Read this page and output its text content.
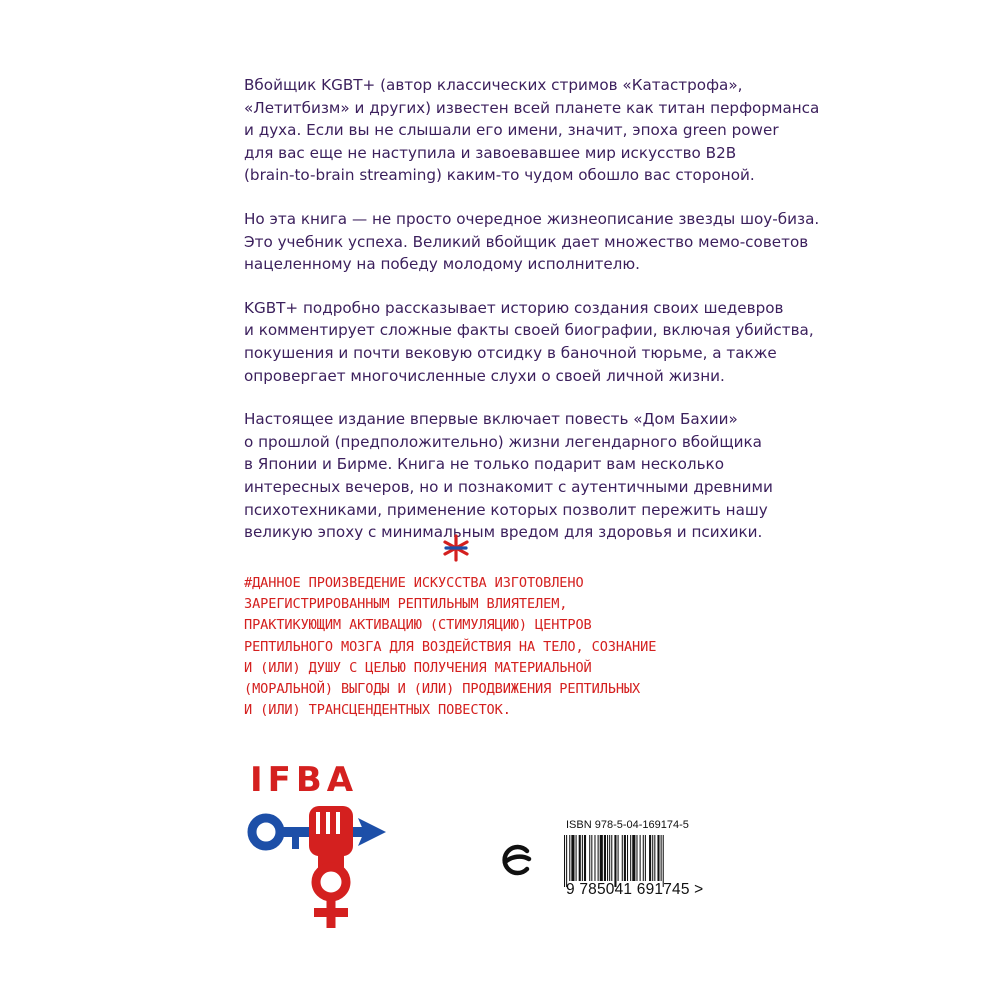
Вбойщик KGBT+ (автор классических стримов «Катастрофа»,
«Летитбизм» и других) известен всей планете как титан перформанса
и духа. Если вы не слышали его имени, значит, эпоха green power
для вас еще не наступила и завоевавшее мир искусство B2B
(brain-to-brain streaming) каким-то чудом обошло вас стороной.

Но эта книга — не просто очередное жизнеописание звезды шоу-биза.
Это учебник успеха. Великий вбойщик дает множество мемо-советов
нацеленному на победу молодому исполнителю.

KGBT+ подробно рассказывает историю создания своих шедевров
и комментирует сложные факты своей биографии, включая убийства,
покушения и почти вековую отсидку в баночной тюрьме, а также
опровергает многочисленные слухи о своей личной жизни.

Настоящее издание впервые включает повесть «Дом Бахии»
о прошлой (предположительно) жизни легендарного вбойщика
в Японии и Бирме. Книга не только подарит вам несколько
интересных вечеров, но и познакомит с аутентичными древними
психотехниками, применение которых позволит пережить нашу
великую эпоху с минимальным вредом для здоровья и психики.

#ДАННОЕ ПРОИЗВЕДЕНИЕ ИСКУССТВА ИЗГОТОВЛЕНО
ЗАРЕГИСТРИРОВАННЫМ РЕПТИЛЬНЫМ ВЛИЯТЕЛЕМ,
ПРАКТИКУЮЩИМ АКТИВАЦИЮ (СТИМУЛЯЦИЮ) ЦЕНТРОВ
РЕПТИЛЬНОГО МОЗГА ДЛЯ ВОЗДЕЙСТВИЯ НА ТЕЛО, СОЗНАНИЕ
И (ИЛИ) ДУШУ С ЦЕЛЬЮ ПОЛУЧЕНИЯ МАТЕРИАЛЬНОЙ
(МОРАЛЬНОЙ) ВЫГОДЫ И (ИЛИ) ПРОДВИЖЕНИЯ РЕПТИЛЬНЫХ
И (ИЛИ) ТРАНСЦЕНДЕНТНЫХ ПОВЕСТОК.
IFBA
ISBN 978-5-04-169174-5
9 785041 691745 >
